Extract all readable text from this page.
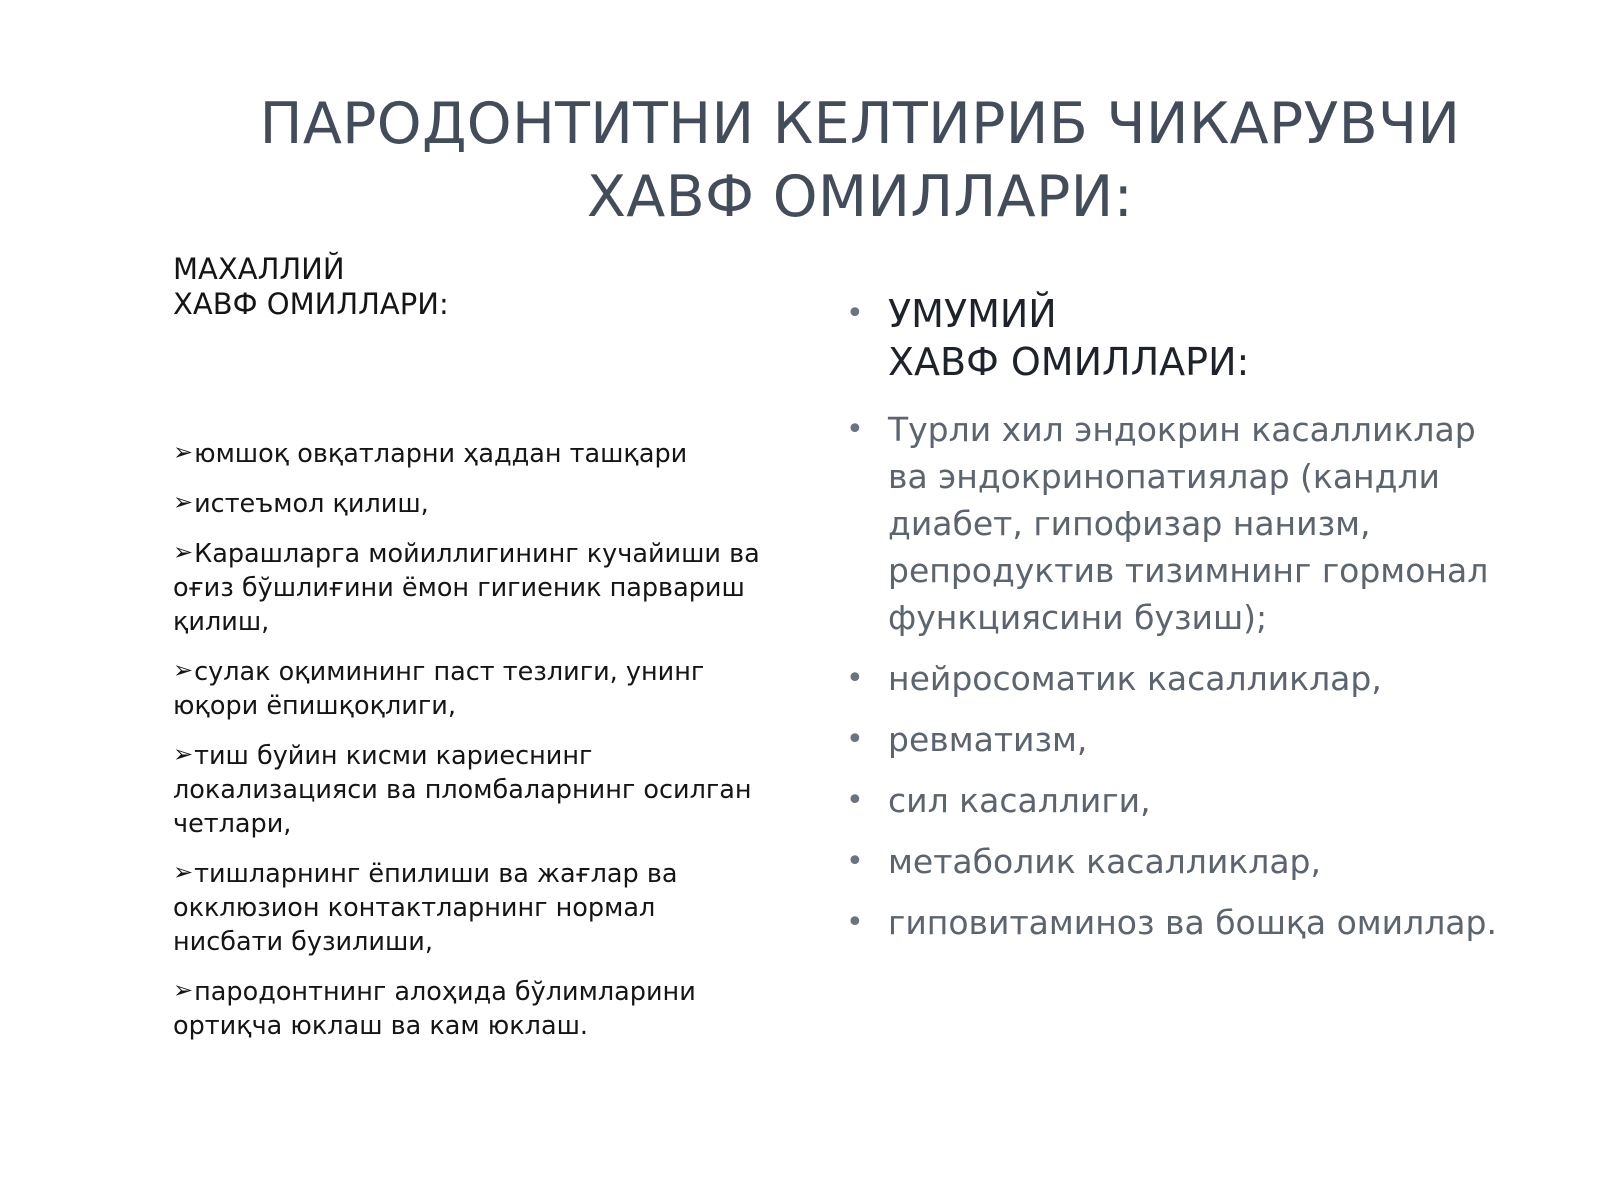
ПАРОДОНТИТНИ КЕЛТИРИБ ЧИКАРУВЧИ
ХАВФ ОМИЛЛАРИ:
МАХАЛЛИЙ
ХАВФ ОМИЛЛАРИ:
➢юмшоқ овқатларни ҳаддан ташқари
➢истеъмол қилиш,
➢Карашларга мойиллигининг кучайиши ва оғиз бўшлиғини ёмон гигиеник парвариш қилиш,
➢сулак оқимининг паст тезлиги, унинг юқори ёпишқоқлиги,
➢тиш буйин кисми кариеснинг локализацияси ва пломбаларнинг осилган четлари,
➢тишларнинг ёпилиши ва жағлар ва окклюзион контактларнинг нормал нисбати бузилиши,
➢пародонтнинг алоҳида бўлимларини ортиқча юклаш ва кам юклаш.
• УМУМИЙ
ХАВФ ОМИЛЛАРИ:
• Турли хил эндокрин касалликлар ва эндокринопатиялар (кандли диабет, гипофизар нанизм, репродуктив тизимнинг гормонал функциясини бузиш);
• нейросоматик касалликлар,
• ревматизм,
• сил касаллиги,
• метаболик касалликлар,
• гиповитаминоз ва бошқа омиллар.
